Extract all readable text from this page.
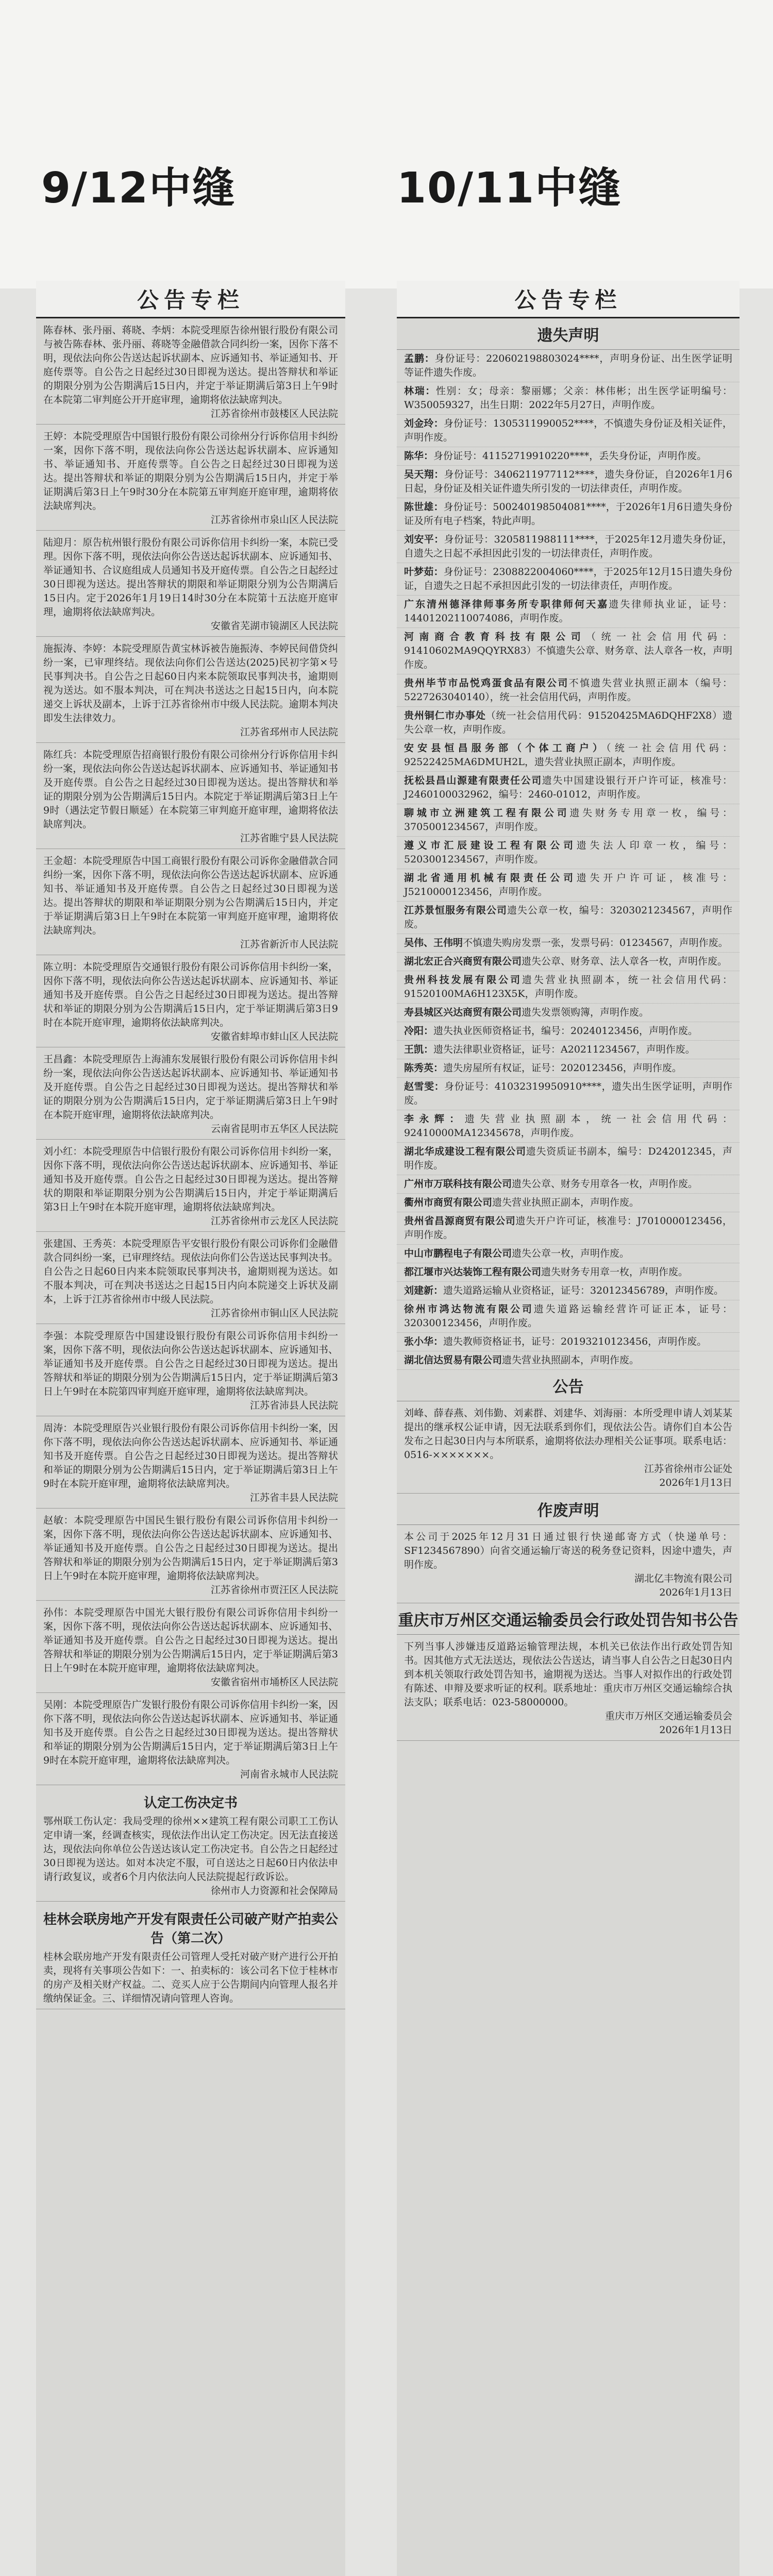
9/12中缝	10/11中缝
公告专栏

陈春林、张丹丽、蒋晓、李炳：本院受理原告徐州银行股份有限公司与被告陈春林、张丹丽、蒋晓等金融借款合同纠纷一案，因你下落不明，现依法向你公告送达起诉状副本、应诉通知书、举证通知书、开庭传票等。自公告之日起经过30日即视为送达。提出答辩状和举证的期限分别为公告期满后15日内，并定于举证期满后第3日上午9时在本院第二审判庭公开开庭审理，逾期将依法缺席判决。

江苏省徐州市鼓楼区人民法院

王婷：本院受理原告中国银行股份有限公司徐州分行诉你信用卡纠纷一案，因你下落不明，现依法向你公告送达起诉状副本、应诉通知书、举证通知书、开庭传票等。自公告之日起经过30日即视为送达。提出答辩状和举证的期限分别为公告期满后15日内，并定于举证期满后第3日上午9时30分在本院第五审判庭开庭审理，逾期将依法缺席判决。

江苏省徐州市泉山区人民法院

陆迎月：原告杭州银行股份有限公司诉你信用卡纠纷一案，本院已受理。因你下落不明，现依法向你公告送达起诉状副本、应诉通知书、举证通知书、合议庭组成人员通知书及开庭传票。自公告之日起经过30日即视为送达。提出答辩状的期限和举证期限分别为公告期满后15日内。定于2026年1月19日14时30分在本院第十五法庭开庭审理，逾期将依法缺席判决。

安徽省芜湖市镜湖区人民法院

施振涛、李婷：本院受理原告黄宝林诉被告施振涛、李婷民间借贷纠纷一案，已审理终结。现依法向你们公告送达(2025)民初字第×号民事判决书。自公告之日起60日内来本院领取民事判决书，逾期则视为送达。如不服本判决，可在判决书送达之日起15日内，向本院递交上诉状及副本，上诉于江苏省徐州市中级人民法院。逾期本判决即发生法律效力。

江苏省邳州市人民法院

陈红兵：本院受理原告招商银行股份有限公司徐州分行诉你信用卡纠纷一案，现依法向你公告送达起诉状副本、应诉通知书、举证通知书及开庭传票。自公告之日起经过30日即视为送达。提出答辩状和举证的期限分别为公告期满后15日内。本院定于举证期满后第3日上午9时（遇法定节假日顺延）在本院第三审判庭开庭审理，逾期将依法缺席判决。

江苏省睢宁县人民法院

王金超：本院受理原告中国工商银行股份有限公司诉你金融借款合同纠纷一案，因你下落不明，现依法向你公告送达起诉状副本、应诉通知书、举证通知书及开庭传票。自公告之日起经过30日即视为送达。提出答辩状的期限和举证期限分别为公告期满后15日内，并定于举证期满后第3日上午9时在本院第一审判庭开庭审理，逾期将依法缺席判决。

江苏省新沂市人民法院

陈立明：本院受理原告交通银行股份有限公司诉你信用卡纠纷一案，因你下落不明，现依法向你公告送达起诉状副本、应诉通知书、举证通知书及开庭传票。自公告之日起经过30日即视为送达。提出答辩状和举证的期限分别为公告期满后15日内，定于举证期满后第3日9时在本院开庭审理，逾期将依法缺席判决。

安徽省蚌埠市蚌山区人民法院

王昌鑫：本院受理原告上海浦东发展银行股份有限公司诉你信用卡纠纷一案，现依法向你公告送达起诉状副本、应诉通知书、举证通知书及开庭传票。自公告之日起经过30日即视为送达。提出答辩状和举证的期限分别为公告期满后15日内，定于举证期满后第3日上午9时在本院开庭审理，逾期将依法缺席判决。

云南省昆明市五华区人民法院

刘小红：本院受理原告中信银行股份有限公司诉你信用卡纠纷一案，因你下落不明，现依法向你公告送达起诉状副本、应诉通知书、举证通知书及开庭传票。自公告之日起经过30日即视为送达。提出答辩状的期限和举证期限分别为公告期满后15日内，并定于举证期满后第3日上午9时在本院开庭审理，逾期将依法缺席判决。

江苏省徐州市云龙区人民法院

张建国、王秀英：本院受理原告平安银行股份有限公司诉你们金融借款合同纠纷一案，已审理终结。现依法向你们公告送达民事判决书。自公告之日起60日内来本院领取民事判决书，逾期则视为送达。如不服本判决，可在判决书送达之日起15日内向本院递交上诉状及副本，上诉于江苏省徐州市中级人民法院。

江苏省徐州市铜山区人民法院

李强：本院受理原告中国建设银行股份有限公司诉你信用卡纠纷一案，因你下落不明，现依法向你公告送达起诉状副本、应诉通知书、举证通知书及开庭传票。自公告之日起经过30日即视为送达。提出答辩状和举证的期限分别为公告期满后15日内，定于举证期满后第3日上午9时在本院第四审判庭开庭审理，逾期将依法缺席判决。

江苏省沛县人民法院

周涛：本院受理原告兴业银行股份有限公司诉你信用卡纠纷一案，因你下落不明，现依法向你公告送达起诉状副本、应诉通知书、举证通知书及开庭传票。自公告之日起经过30日即视为送达。提出答辩状和举证的期限分别为公告期满后15日内，定于举证期满后第3日上午9时在本院开庭审理，逾期将依法缺席判决。

江苏省丰县人民法院

赵敏：本院受理原告中国民生银行股份有限公司诉你信用卡纠纷一案，因你下落不明，现依法向你公告送达起诉状副本、应诉通知书、举证通知书及开庭传票。自公告之日起经过30日即视为送达。提出答辩状和举证的期限分别为公告期满后15日内，定于举证期满后第3日上午9时在本院开庭审理，逾期将依法缺席判决。

江苏省徐州市贾汪区人民法院

孙伟：本院受理原告中国光大银行股份有限公司诉你信用卡纠纷一案，因你下落不明，现依法向你公告送达起诉状副本、应诉通知书、举证通知书及开庭传票。自公告之日起经过30日即视为送达。提出答辩状和举证的期限分别为公告期满后15日内，定于举证期满后第3日上午9时在本院开庭审理，逾期将依法缺席判决。

安徽省宿州市埇桥区人民法院

吴刚：本院受理原告广发银行股份有限公司诉你信用卡纠纷一案，因你下落不明，现依法向你公告送达起诉状副本、应诉通知书、举证通知书及开庭传票。自公告之日起经过30日即视为送达。提出答辩状和举证的期限分别为公告期满后15日内，定于举证期满后第3日上午9时在本院开庭审理，逾期将依法缺席判决。

河南省永城市人民法院
认定工伤决定书

鄂州联工伤认定：我局受理的徐州××建筑工程有限公司职工工伤认定申请一案，经调查核实，现依法作出认定工伤决定。因无法直接送达，现依法向你单位公告送达该认定工伤决定书。自公告之日起经过30日即视为送达。如对本决定不服，可自送达之日起60日内依法申请行政复议，或者6个月内依法向人民法院提起行政诉讼。

徐州市人力资源和社会保障局
桂林会联房地产开发有限责任公司破产财产拍卖公告（第二次）

桂林会联房地产开发有限责任公司管理人受托对破产财产进行公开拍卖，现将有关事项公告如下：一、拍卖标的：该公司名下位于桂林市的房产及相关财产权益。二、竞买人应于公告期间内向管理人报名并缴纳保证金。三、详细情况请向管理人咨询。

公告专栏
遗失声明
孟鹏：身份证号：220602198803024****，声明身份证、出生医学证明等证件遗失作废。
林瑞：性别：女；母亲：黎丽娜；父亲：林伟彬；出生医学证明编号：W350059327，出生日期：2022年5月27日，声明作废。
刘金玲：身份证号：1305311990052****，不慎遗失身份证及相关证件，声明作废。
陈华：身份证号：41152719910220****，丢失身份证，声明作废。
吴天翔：身份证号：3406211977112****，遗失身份证，自2026年1月6日起，身份证及相关证件遗失所引发的一切法律责任，声明作废。
陈世雄：身份证号：500240198504081****，于2026年1月6日遗失身份证及所有电子档案，特此声明。
刘安平：身份证号：3205811988111****，于2025年12月遗失身份证，自遗失之日起不承担因此引发的一切法律责任，声明作废。
叶梦茹：身份证号：2308822004060****，于2025年12月15日遗失身份证，自遗失之日起不承担因此引发的一切法律责任，声明作废。
广东清州德泽律师事务所专职律师何天嘉遗失律师执业证，证号：14401202110074086，声明作废。
河南商合教育科技有限公司（统一社会信用代码：91410602MA9QQYRX83）不慎遗失公章、财务章、法人章各一枚，声明作废。
贵州毕节市品悦鸡蛋食品有限公司不慎遗失营业执照正副本（编号：5227263040140），统一社会信用代码，声明作废。
贵州铜仁市办事处（统一社会信用代码：91520425MA6DQHF2X8）遗失公章一枚，声明作废。
安安县恒昌服务部（个体工商户）（统一社会信用代码：92522425MA6DMUH2L，遗失营业执照正副本，声明作废。
抚松县昌山源建有限责任公司遗失中国建设银行开户许可证，核准号：J2460100032962，编号：2460-01012，声明作废。
聊城市立洲建筑工程有限公司遗失财务专用章一枚，编号：3705001234567，声明作废。
遵义市汇辰建设工程有限公司遗失法人印章一枚，编号：5203001234567，声明作废。
湖北省通用机械有限责任公司遗失开户许可证，核准号：J5210000123456，声明作废。
江苏景恒服务有限公司遗失公章一枚，编号：3203021234567，声明作废。
吴伟、王伟明不慎遗失购房发票一张，发票号码：01234567，声明作废。
湖北宏正合兴商贸有限公司遗失公章、财务章、法人章各一枚，声明作废。
贵州科技发展有限公司遗失营业执照副本，统一社会信用代码：91520100MA6H123X5K，声明作废。
寿县城区兴达商贸有限公司遗失发票领购簿，声明作废。
冷阳：遗失执业医师资格证书，编号：20240123456，声明作废。
王凯：遗失法律职业资格证，证号：A20211234567，声明作废。
陈秀英：遗失房屋所有权证，证号：2020123456，声明作废。
赵雪雯：身份证号：41032319950910****，遗失出生医学证明，声明作废。
李永辉：遗失营业执照副本，统一社会信用代码：92410000MA12345678，声明作废。
湖北华成建设工程有限公司遗失资质证书副本，编号：D242012345，声明作废。
广州市万联科技有限公司遗失公章、财务专用章各一枚，声明作废。
衢州市商贸有限公司遗失营业执照正副本，声明作废。
贵州省昌源商贸有限公司遗失开户许可证，核准号：J7010000123456，声明作废。
中山市鹏程电子有限公司遗失公章一枚，声明作废。
都江堰市兴达装饰工程有限公司遗失财务专用章一枚，声明作废。
刘建新：遗失道路运输从业资格证，证号：320123456789，声明作废。
徐州市鸿达物流有限公司遗失道路运输经营许可证正本，证号：320300123456，声明作废。
张小华：遗失教师资格证书，证号：20193210123456，声明作废。
湖北信达贸易有限公司遗失营业执照副本，声明作废。
公告

刘峰、薛春燕、刘伟勤、刘素群、刘建华、刘海丽：本所受理申请人刘某某提出的继承权公证申请，因无法联系到你们，现依法公告。请你们自本公告发布之日起30日内与本所联系，逾期将依法办理相关公证事项。联系电话：0516-×××××××。

江苏省徐州市公证处
2026年1月13日
作废声明

本公司于2025年12月31日通过银行快递邮寄方式（快递单号：SF1234567890）向省交通运输厅寄送的税务登记资料，因途中遗失，声明作废。

湖北亿丰物流有限公司
2026年1月13日
重庆市万州区交通运输委员会行政处罚告知书公告

下列当事人涉嫌违反道路运输管理法规，本机关已依法作出行政处罚告知书。因其他方式无法送达，现依法公告送达，请当事人自公告之日起30日内到本机关领取行政处罚告知书，逾期视为送达。当事人对拟作出的行政处罚有陈述、申辩及要求听证的权利。联系地址：重庆市万州区交通运输综合执法支队；联系电话：023-58000000。

重庆市万州区交通运输委员会
2026年1月13日
